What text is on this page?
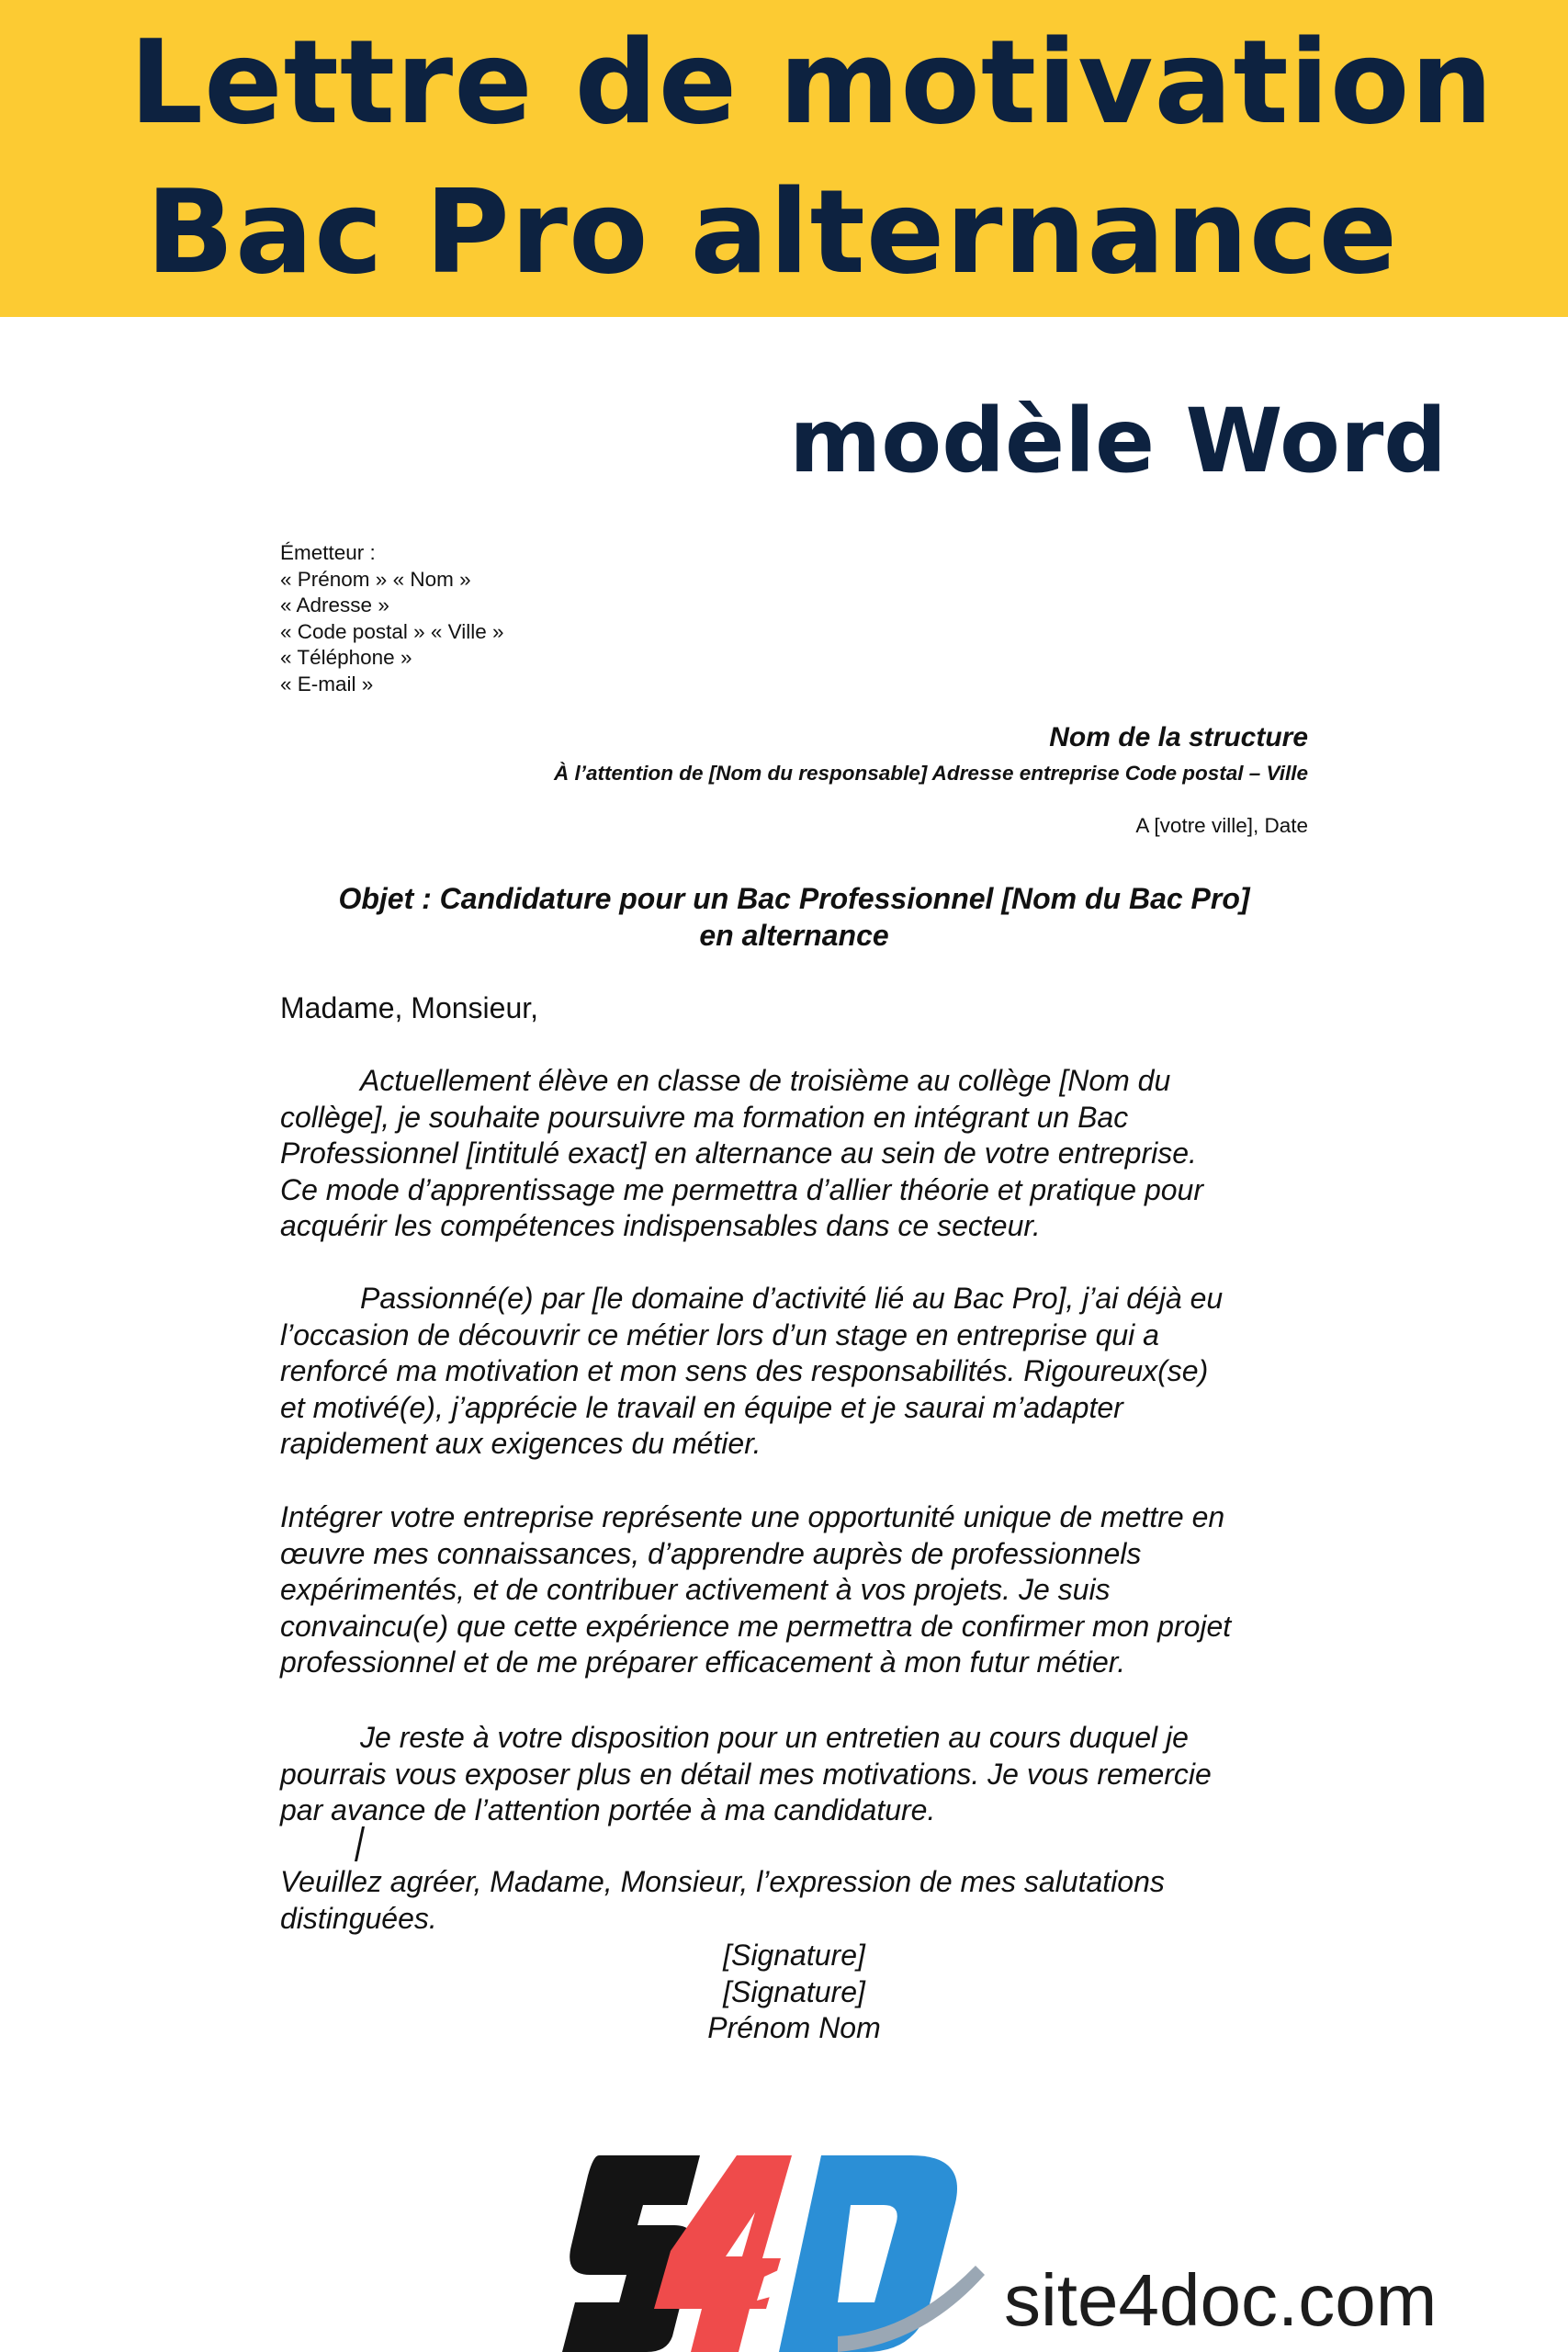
Lettre de motivation
Bac Pro alternance
modèle Word
Émetteur :
« Prénom » « Nom »
« Adresse »
« Code postal » « Ville »
« Téléphone »
« E-mail »
Nom de la structure
À l’attention de [Nom du responsable] Adresse entreprise Code postal – Ville
A [votre ville], Date
Objet : Candidature pour un Bac Professionnel [Nom du Bac Pro]
en alternance
Madame, Monsieur,
Actuellement élève en classe de troisième au collège [Nom du
collège], je souhaite poursuivre ma formation en intégrant un Bac
Professionnel [intitulé exact] en alternance au sein de votre entreprise.
Ce mode d’apprentissage me permettra d’allier théorie et pratique pour
acquérir les compétences indispensables dans ce secteur.
Passionné(e) par [le domaine d’activité lié au Bac Pro], j’ai déjà eu
l’occasion de découvrir ce métier lors d’un stage en entreprise qui a
renforcé ma motivation et mon sens des responsabilités. Rigoureux(se)
et motivé(e), j’apprécie le travail en équipe et je saurai m’adapter
rapidement aux exigences du métier.
Intégrer votre entreprise représente une opportunité unique de mettre en
œuvre mes connaissances, d’apprendre auprès de professionnels
expérimentés, et de contribuer activement à vos projets. Je suis
convaincu(e) que cette expérience me permettra de confirmer mon projet
professionnel et de me préparer efficacement à mon futur métier.
Je reste à votre disposition pour un entretien au cours duquel je
pourrais vous exposer plus en détail mes motivations. Je vous remercie
par avance de l’attention portée à ma candidature.
Veuillez agréer, Madame, Monsieur, l’expression de mes salutations
distinguées.
[Signature]
[Signature]
Prénom Nom
site4doc.com
